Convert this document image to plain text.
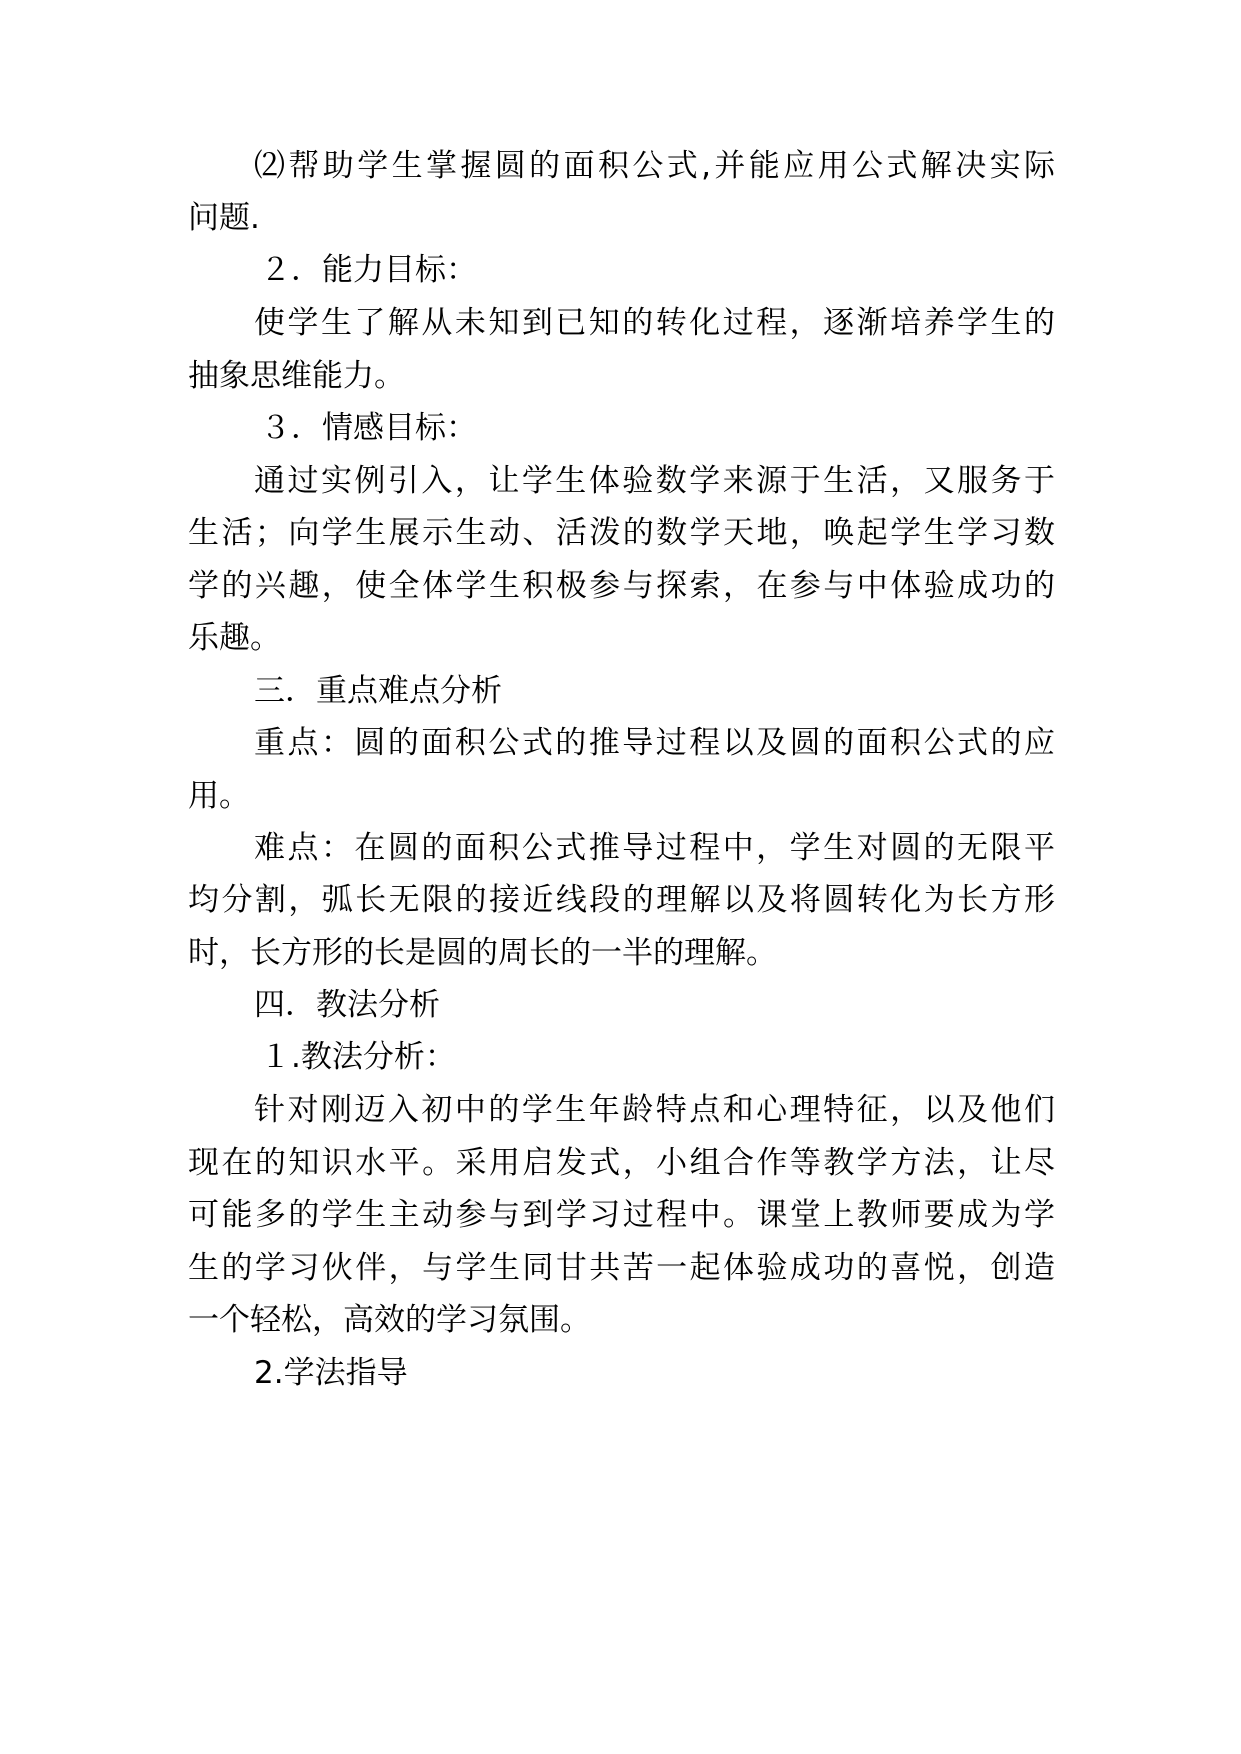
⑵帮助学生掌握圆的面积公式,并能应用公式解决实际
问题.
２．能力目标：
使学生了解从未知到已知的转化过程，逐渐培养学生的
抽象思维能力。
３．情感目标：
通过实例引入，让学生体验数学来源于生活，又服务于
生活；向学生展示生动、活泼的数学天地，唤起学生学习数
学的兴趣，使全体学生积极参与探索，在参与中体验成功的
乐趣。
三．重点难点分析
重点：圆的面积公式的推导过程以及圆的面积公式的应
用。
难点：在圆的面积公式推导过程中，学生对圆的无限平
均分割，弧长无限的接近线段的理解以及将圆转化为长方形
时，长方形的长是圆的周长的一半的理解。
四．教法分析
１.教法分析：
针对刚迈入初中的学生年龄特点和心理特征，以及他们
现在的知识水平。采用启发式，小组合作等教学方法，让尽
可能多的学生主动参与到学习过程中。课堂上教师要成为学
生的学习伙伴，与学生同甘共苦一起体验成功的喜悦，创造
一个轻松，高效的学习氛围。
2.学法指导
